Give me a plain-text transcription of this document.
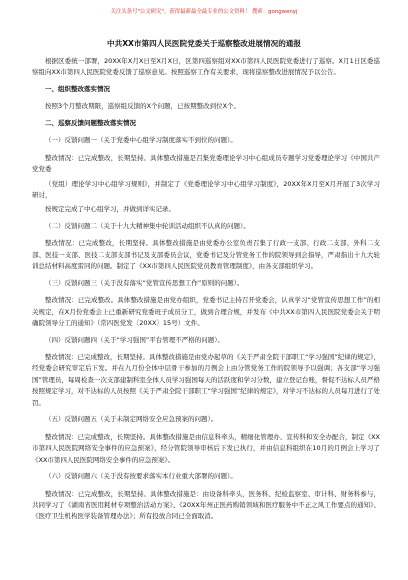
关注头条号"公文研究"，获得最新最全最专业的公文资料！ 搜索：gongwenyj
中共XX市第四人民医院党委关于巡察整改进展情况的通报

根据区委统一部署，20XX年X月X日至X月X日，区第四巡察组对XX市第四人民医院党委进行了巡察。X月1日区委巡察组向XX市第四人民医院党委反馈了巡察意见。按照巡察工作有关要求，现将巡察整改进展情况予以公告。

一、组织整改落实情况

按照3个月整改期限，巡察组反馈的X个问题，已按期整改到位X个。

二、巡察反馈问题整改落实情况

（一）反馈问题一（关于党委中心组学习制度落实不到位的问题）。

整改情况：已完成整改，长期坚持。具体整改措施是召集党委理论学习中心组成员专题学习党委理论学习《中国共产党党委

（党组）理论学习中心组学习规则》，并制定了《党委理论学习中心组学习制度》，20XX年X月至X月开展了3次学习研讨，

按规定完成了中心组学习，并做到详实记录。

（二）反馈问题二（关于十九大精神集中轮训活动组织不认真的问题）。

整改情况：已完成整改，长期坚持。具体整改措施是由党委办公室负责召集了行政一支部、行政二支部、外科二支部、医技一支部、医技二支部支部书记及支部委员会议，党委书记及分管党务工作的院领导到会指导，严肃指出十九大轮训总结材料高度雷同的问题。制定了《XX市第四人民医院党员教育管理制度》，由各支部组织学习。

（三）反馈问题三（关于没有落实“党管宣传思想工作”原则的问题）。

整改情况：已完成整改。具体整改措施是由党办组织，党委书记主持召开党委会，认真学习“党管宣传思想工作”的相关规定，在X月份党委会上已重新研究党委班子成员分工，做到合理合规，并发布《中共XX市第四人民医院党委会关于明确院领导分工的通知》（常四医党发〔20XX〕15号）文件。

（四）反馈问题四（关于“学习强国”平台管理不严格的问题）。

整改情况：已完成整改，长期坚持。具体整改措施是由党办起草的《关于严肃全院干部职工“学习强国”纪律的规定》，经党委会研究审定后下发。并在九月份全体中层骨干参加的月例会上由分管党务工作的院领导予以强调；各支部“学习强国”管理员，每周检查一次支部建制科室全体人员学习强国每天的活跃度和学习分数，建立登记台账，督促不达标人员严格按照规定学习，对不达标的人员按照《关于严肃全院干部职工“学习强国”纪律的规定》，对学习不达标的人员每月进行了处罚。

（五）反馈问题五（关于未制定网络安全应急预案的问题）。

整改情况：已完成整改，长期坚持。具体整改措施是由信息科牵头，精细化管理办、宣传科和安全办配合，制定《XX市第四人民医院网络安全事件的应急预案》，经分管院领导审核后下发已执行，并由信息科组织在10月的月例会上学习了《XX市第四人民医院网络安全事件的应急预案》。

（六）反馈问题六（关于没有按要求落实本行业重大部署的问题）。

整改情况：已完成整改，长期坚持。具体整改措施是：由设备科牵头，医务科、纪检监察室、审计科、财务科参与，共同学习了《湖南省医用耗材专项整治活动方案》、《20XX年州正医药购销领域和医疗服务中不正之风工作要点的通知》、《医疗卫生机构医学装备管理办法》；所有投放合同已全面取消。
